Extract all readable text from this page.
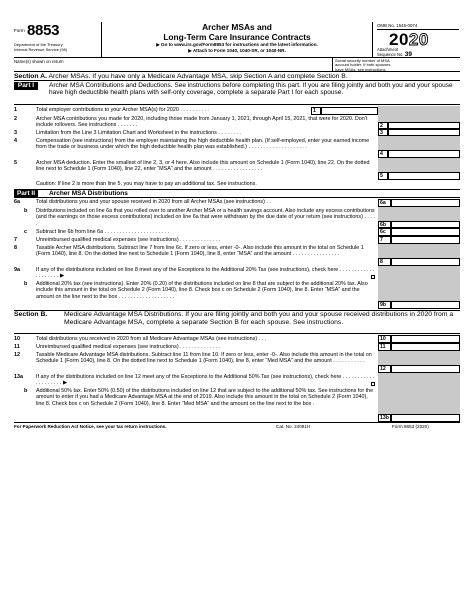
Form 8853
Department of the Treasury
Internal Revenue Service (99)
Archer MSAs and
Long-Term Care Insurance Contracts
▶ Go to www.irs.gov/Form8853 for instructions and the latest information.
▶ Attach to Form 1040, 1040-SR, or 1040-NR.
OMB No. 1545-0074
2020
Attachment
Sequence No. 39
Name(s) shown on return	Social security number of MSA account holder. If both spouses have MSAs, see instructions
Section A. Archer MSAs. If you have only a Medicare Advantage MSA, skip Section A and complete Section B.
Part I	Archer MSA Contributions and Deductions. See instructions before completing this part. If you are filing jointly and both you and your spouse have high deductible health plans with self-only coverage, complete a separate Part I for each spouse.
1	Total employer contributions to your Archer MSA(s) for 2020 . . . . . . . . . .	1
2	Archer MSA contributions you made for 2020, including those made from January 1, 2021, through April 15, 2021, that were for 2020. Don’t include rollovers. See instructions . . . . . . .
3	Limitation from the Line 3 Limitation Chart and Worksheet in the instructions . . . . . . . .
4	Compensation (see instructions) from the employer maintaining the high deductible health plan. (If self-employed, enter your earned income from the trade or business under which the high deductible health plan was established.) . . . . . . . . . . . . . . . . . . . .
5	Archer MSA deduction. Enter the smallest of line 2, 3, or 4 here. Also include this amount on Schedule 1 (Form 1040), line 22. On the dotted line next to Schedule 1 (Form 1040), line 22, enter “MSA” and the amount . . . . . . . . . . . . . . . . .
Caution: If line 2 is more than line 5, you may have to pay an additional tax. See instructions.
2
3
4
5
Part II	Archer MSA Distributions
6a	Total distributions you and your spouse received in 2020 from all Archer MSAs (see instructions) . .
b	Distributions included on line 6a that you rolled over to another Archer MSA or a health savings account. Also include any excess contributions (and the earnings on those excess contributions) included on line 6a that were withdrawn by the due date of your return (see instructions) . . . . .
c	Subtract line 6b from line 6a . . . . . . . . . . . . . . . . . . . . . .
7	Unreimbursed qualified medical expenses (see instructions) . . . . . . . . . . . . . .
8	Taxable Archer MSA distributions. Subtract line 7 from line 6c. If zero or less, enter -0-. Also include this amount in the total on Schedule 1 (Form 1040), line 8. On the dotted line next to Schedule 1 (Form 1040), line 8, enter “MSA” and the amount . . . . . . . . . . . . . . . .
9a	If any of the distributions included on line 8 meet any of the Exceptions to the Additional 20% Tax (see instructions), check here . . . . . . . . . . . . . . . . . . . . ▶
b	Additional 20% tax (see instructions). Enter 20% (0.20) of the distributions included on line 8 that are subject to the additional 20% tax. Also include this amount in the total on Schedule 2 (Form 1040), line 8. Check box c on Schedule 2 (Form 1040), line 8. Enter “MSA” and the amount on the line next to the box . . . . . . . . . . . . . . . . . . .
6a
6b
6c
7
8
9b
Section B. Medicare Advantage MSA Distributions. If you are filing jointly and both you and your spouse received distributions in 2020 from a Medicare Advantage MSA, complete a separate Section B for each spouse. See instructions.
10	Total distributions you received in 2020 from all Medicare Advantage MSAs (see instructions) . . .
11	Unreimbursed qualified medical expenses (see instructions) . . . . . . . . . . . . . .
12	Taxable Medicare Advantage MSA distributions. Subtract line 11 from line 10. If zero or less, enter -0-. Also include this amount in the total on Schedule 1 (Form 1040), line 8. On the dotted line next to Schedule 1 (Form 1040), line 8, enter “Med MSA” and the amount . . . . . . . . . . .
13a	If any of the distributions included on line 12 meet any of the Exceptions to the Additional 50% Tax (see instructions), check here . . . . . . . . . . . . . . . . . . . . ▶
b	Additional 50% tax. Enter 50% (0.50) of the distributions included on line 12 that are subject to the additional 50% tax. See instructions for the amount to enter if you had a Medicare Advantage MSA at the end of 2019. Also include this amount in the total on Schedule 2 (Form 1040), line 8. Check box c on Schedule 2 (Form 1040), line 8. Enter “Med MSA” and the amount on the line next to the box .
10
11
12
13b
For Paperwork Reduction Act Notice, see your tax return instructions.	Cat. No. 24091H	Form 8853 (2020)
